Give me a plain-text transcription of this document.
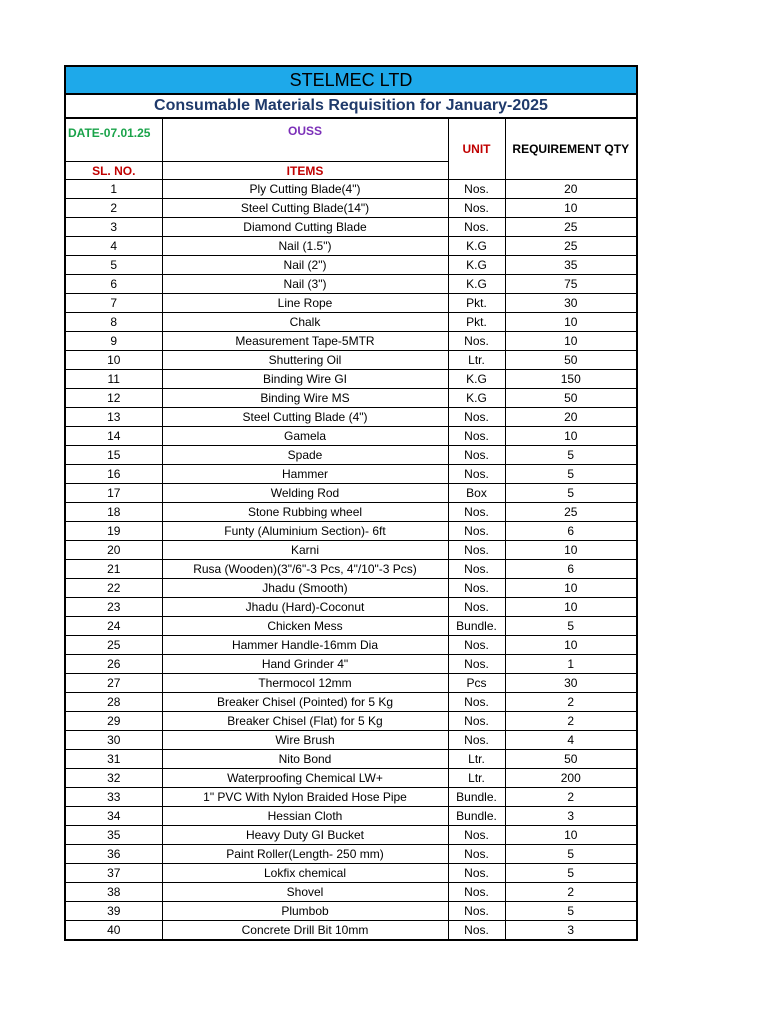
STELMEC LTD			
Consumable Materials Requisition for January-2025			
DATE-07.01.25	OUSS	UNIT	REQUIREMENT QTY
SL. NO.	ITEMS		
1	Ply Cutting Blade(4")	Nos.	20
2	Steel Cutting Blade(14")	Nos.	10
3	Diamond Cutting Blade	Nos.	25
4	Nail (1.5")	K.G	25
5	Nail (2")	K.G	35
6	Nail (3")	K.G	75
7	Line Rope	Pkt.	30
8	Chalk	Pkt.	10
9	Measurement Tape-5MTR	Nos.	10
10	Shuttering Oil	Ltr.	50
11	Binding Wire GI	K.G	150
12	Binding Wire MS	K.G	50
13	Steel Cutting Blade (4")	Nos.	20
14	Gamela	Nos.	10
15	Spade	Nos.	5
16	Hammer	Nos.	5
17	Welding Rod	Box	5
18	Stone Rubbing wheel	Nos.	25
19	Funty (Aluminium Section)- 6ft	Nos.	6
20	Karni	Nos.	10
21	Rusa (Wooden)(3"/6"-3 Pcs, 4"/10"-3 Pcs)	Nos.	6
22	Jhadu (Smooth)	Nos.	10
23	Jhadu (Hard)-Coconut	Nos.	10
24	Chicken Mess	Bundle.	5
25	Hammer Handle-16mm Dia	Nos.	10
26	Hand Grinder 4"	Nos.	1
27	Thermocol 12mm	Pcs	30
28	Breaker Chisel (Pointed) for 5 Kg	Nos.	2
29	Breaker Chisel (Flat) for 5 Kg	Nos.	2
30	Wire Brush	Nos.	4
31	Nito Bond	Ltr.	50
32	Waterproofing Chemical LW+	Ltr.	200
33	1" PVC With Nylon Braided Hose Pipe	Bundle.	2
34	Hessian Cloth	Bundle.	3
35	Heavy Duty GI Bucket	Nos.	10
36	Paint Roller(Length- 250 mm)	Nos.	5
37	Lokfix chemical	Nos.	5
38	Shovel	Nos.	2
39	Plumbob	Nos.	5
40	Concrete Drill Bit 10mm	Nos.	3
